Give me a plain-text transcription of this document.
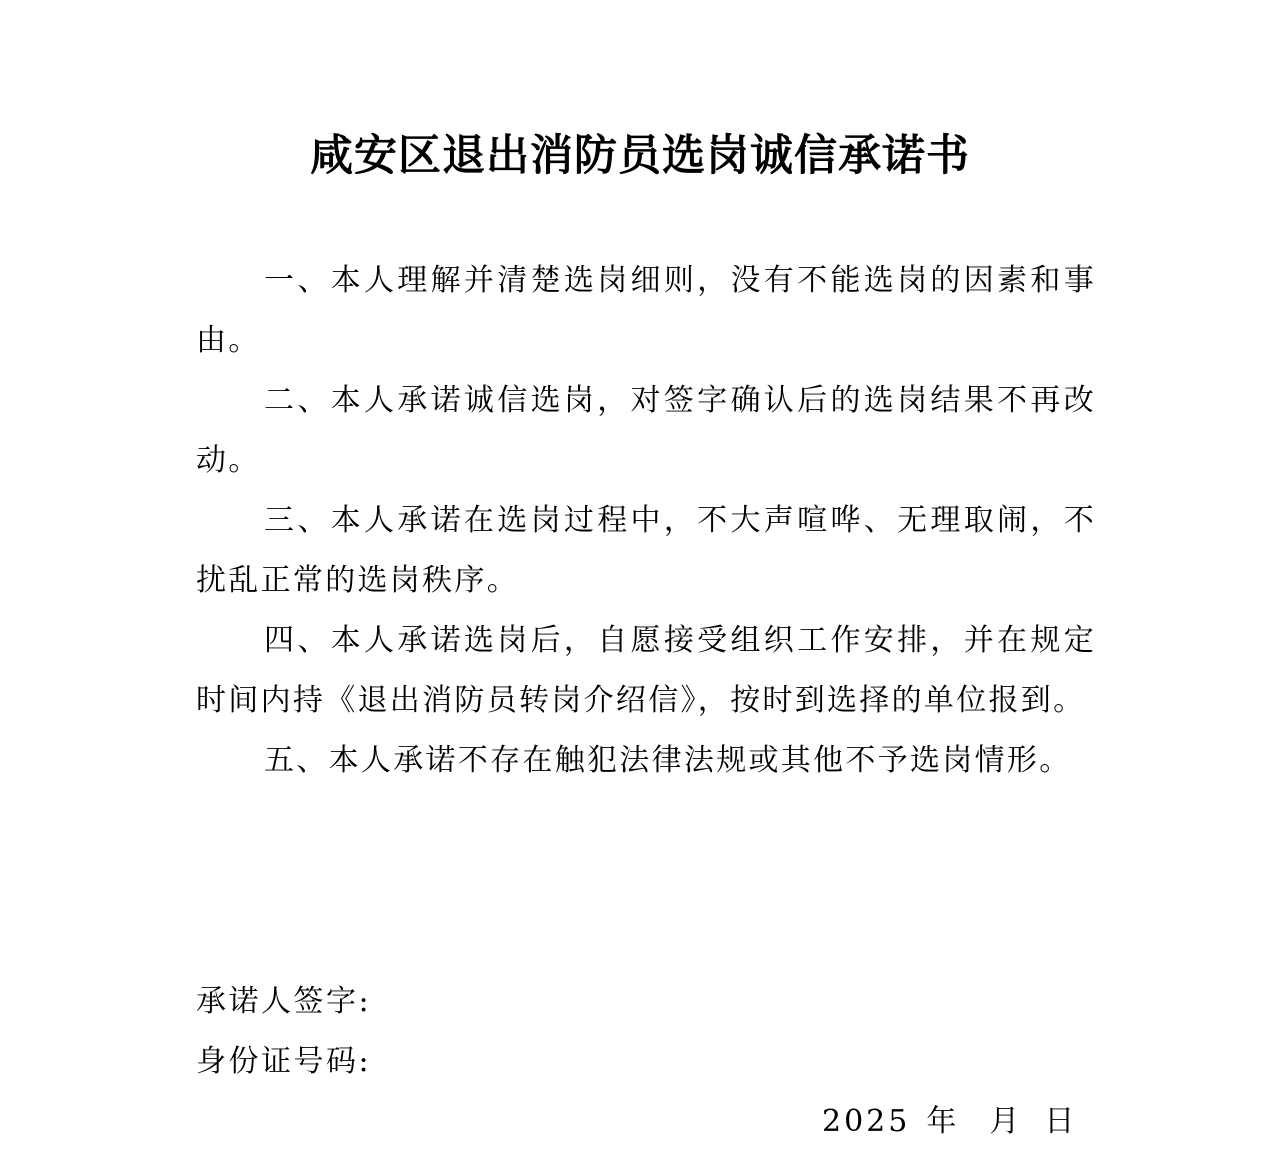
咸安区退出消防员选岗诚信承诺书

一、本人理解并清楚选岗细则，没有不能选岗的因素和事由。

二、本人承诺诚信选岗，对签字确认后的选岗结果不再改动。

三、本人承诺在选岗过程中，不大声喧哗、无理取闹，不扰乱正常的选岗秩序。

四、本人承诺选岗后，自愿接受组织工作安排，并在规定时间内持《退出消防员转岗介绍信》，按时到选择的单位报到。

五、本人承诺不存在触犯法律法规或其他不予选岗情形。

承诺人签字:

身份证号码:

2025 年 月 日
